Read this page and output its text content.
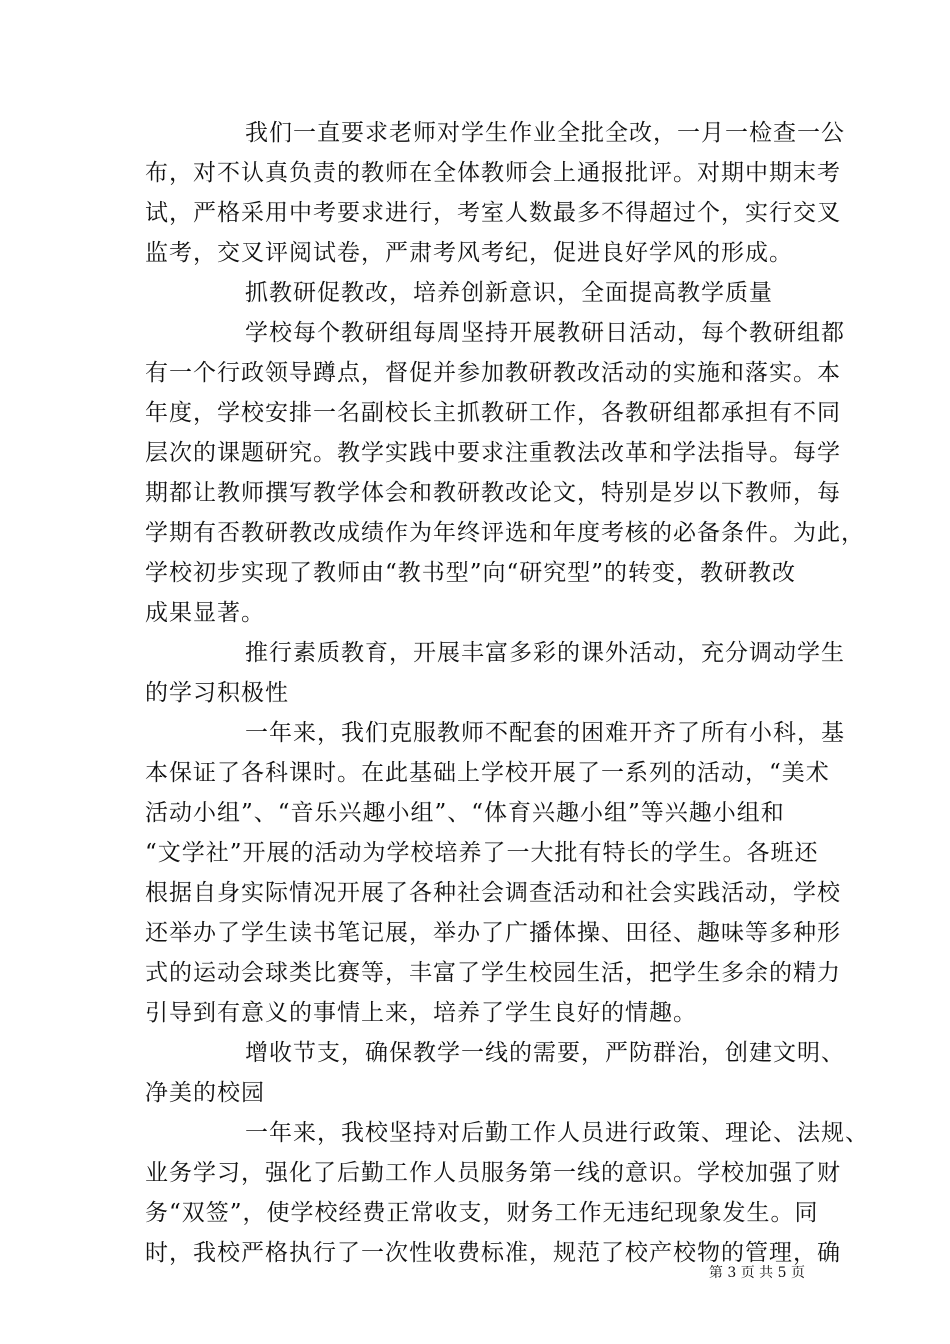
我们一直要求老师对学生作业全批全改，一月一检查一公
布，对不认真负责的教师在全体教师会上通报批评。对期中期末考
试，严格采用中考要求进行，考室人数最多不得超过个，实行交叉
监考，交叉评阅试卷，严肃考风考纪，促进良好学风的形成。
抓教研促教改，培养创新意识，全面提高教学质量
学校每个教研组每周坚持开展教研日活动，每个教研组都
有一个行政领导蹲点，督促并参加教研教改活动的实施和落实。本
年度，学校安排一名副校长主抓教研工作，各教研组都承担有不同
层次的课题研究。教学实践中要求注重教法改革和学法指导。每学
期都让教师撰写教学体会和教研教改论文，特别是岁以下教师，每
学期有否教研教改成绩作为年终评选和年度考核的必备条件。为此，
学校初步实现了教师由“教书型”向“研究型”的转变，教研教改
成果显著。
推行素质教育，开展丰富多彩的课外活动，充分调动学生
的学习积极性
一年来，我们克服教师不配套的困难开齐了所有小科，基
本保证了各科课时。在此基础上学校开展了一系列的活动，“美术
活动小组”、“音乐兴趣小组”、“体育兴趣小组”等兴趣小组和
“文学社”开展的活动为学校培养了一大批有特长的学生。各班还
根据自身实际情况开展了各种社会调查活动和社会实践活动，学校
还举办了学生读书笔记展，举办了广播体操、田径、趣味等多种形
式的运动会球类比赛等，丰富了学生校园生活，把学生多余的精力
引导到有意义的事情上来，培养了学生良好的情趣。
增收节支，确保教学一线的需要，严防群治，创建文明、
净美的校园
一年来，我校坚持对后勤工作人员进行政策、理论、法规、
业务学习，强化了后勤工作人员服务第一线的意识。学校加强了财
务“双签”，使学校经费正常收支，财务工作无违纪现象发生。同
时，我校严格执行了一次性收费标准，规范了校产校物的管理，确
第 3 页 共 5 页
